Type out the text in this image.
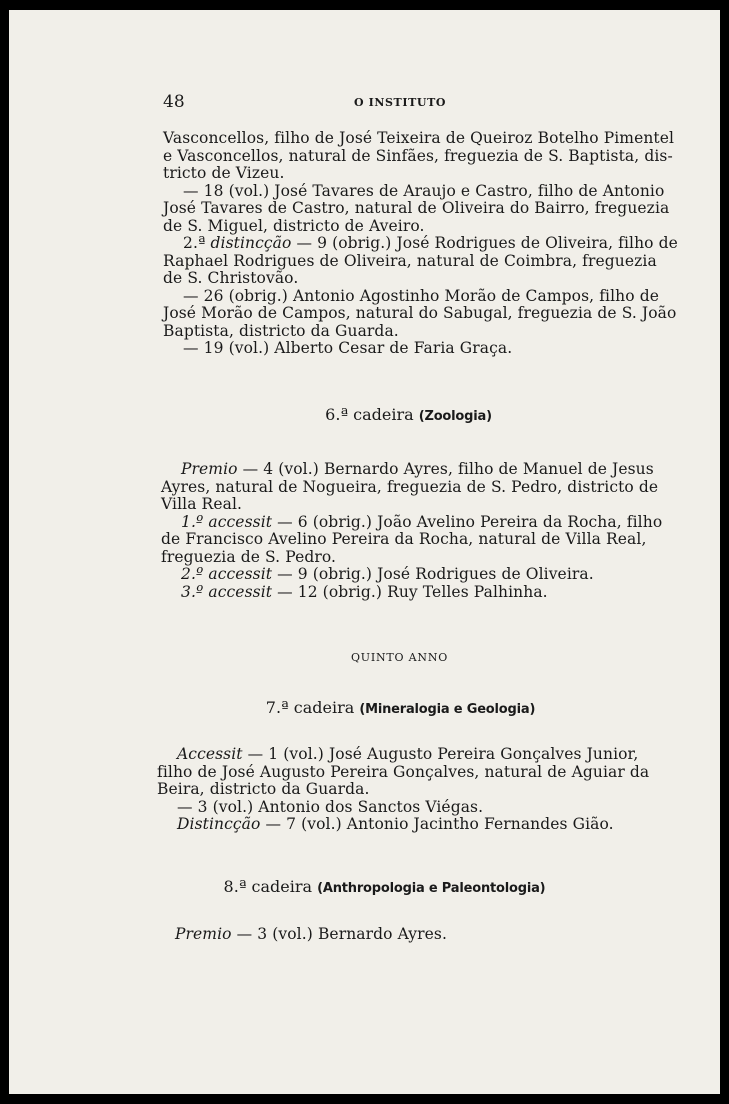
48	O INSTITUTO
Vasconcellos, filho de José Teixeira de Queiroz Botelho Pimentel
e Vasconcellos, natural de Sinfães, freguezia de S. Baptista, dis-
tricto de Vizeu.
— 18 (vol.) José Tavares de Araujo e Castro, filho de Antonio
José Tavares de Castro, natural de Oliveira do Bairro, freguezia
de S. Miguel, districto de Aveiro.
2.ª distincção — 9 (obrig.) José Rodrigues de Oliveira, filho de
Raphael Rodrigues de Oliveira, natural de Coimbra, freguezia
de S. Christovão.
— 26 (obrig.) Antonio Agostinho Morão de Campos, filho de
José Morão de Campos, natural do Sabugal, freguezia de S. João
Baptista, districto da Guarda.
— 19 (vol.) Alberto Cesar de Faria Graça.
6.ª cadeira (Zoologia)
Premio — 4 (vol.) Bernardo Ayres, filho de Manuel de Jesus
Ayres, natural de Nogueira, freguezia de S. Pedro, districto de
Villa Real.
1.º accessit — 6 (obrig.) João Avelino Pereira da Rocha, filho
de Francisco Avelino Pereira da Rocha, natural de Villa Real,
freguezia de S. Pedro.
2.º accessit — 9 (obrig.) José Rodrigues de Oliveira.
3.º accessit — 12 (obrig.) Ruy Telles Palhinha.
QUINTO ANNO
7.ª cadeira (Mineralogia e Geologia)
Accessit — 1 (vol.) José Augusto Pereira Gonçalves Junior,
filho de José Augusto Pereira Gonçalves, natural de Aguiar da
Beira, districto da Guarda.
— 3 (vol.) Antonio dos Sanctos Viégas.
Distincção — 7 (vol.) Antonio Jacintho Fernandes Gião.
8.ª cadeira (Anthropologia e Paleontologia)
Premio — 3 (vol.) Bernardo Ayres.
